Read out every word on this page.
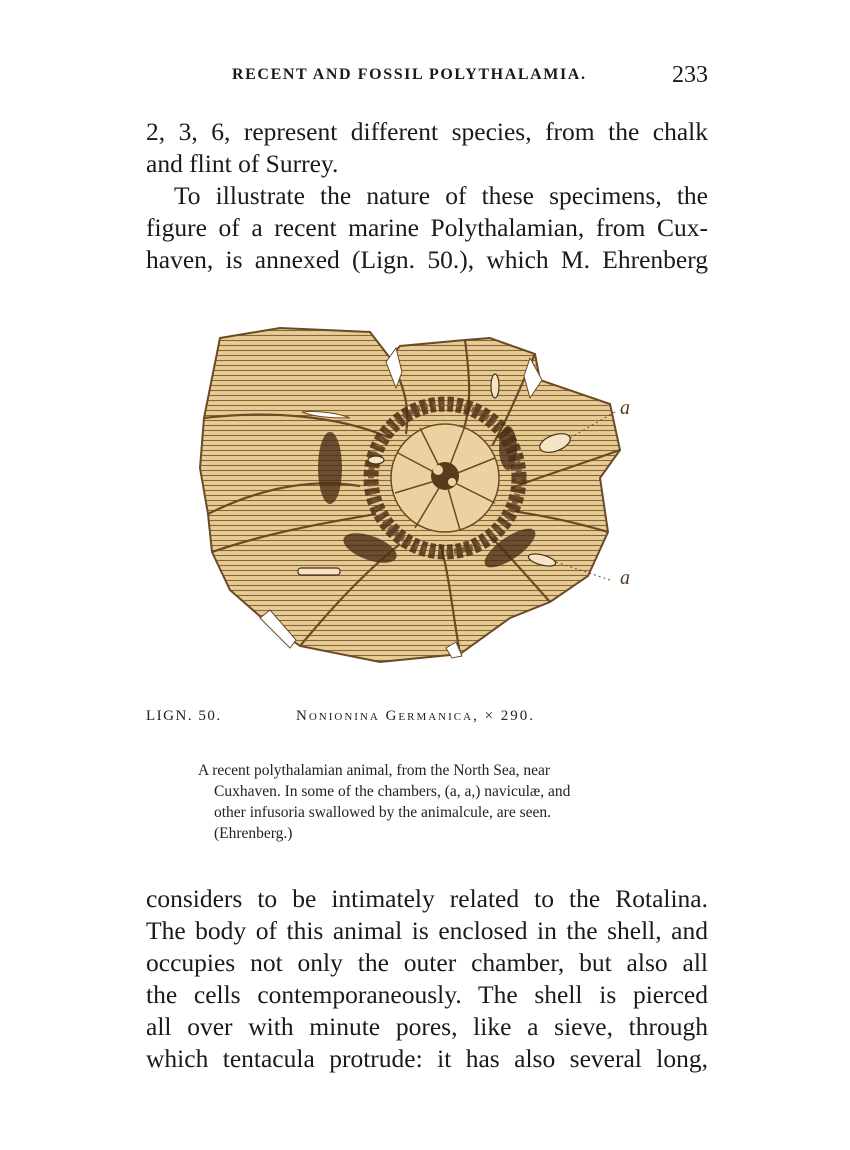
RECENT AND FOSSIL POLYTHALAMIA.	233
2, 3, 6, represent different species, from the chalk
and flint of Surrey.
To illustrate the nature of these specimens, the
figure of a recent marine Polythalamian, from Cux-
haven, is annexed (Lign. 50.), which M. Ehrenberg
a
a
LIGN. 50.	Nonionina Germanica, × 290.
A recent polythalamian animal, from the North Sea, near
Cuxhaven. In some of the chambers, (a, a,) naviculæ, and
other infusoria swallowed by the animalcule, are seen.
(Ehrenberg.)
considers to be intimately related to the Rotalina.
The body of this animal is enclosed in the shell, and
occupies not only the outer chamber, but also all
the cells contemporaneously. The shell is pierced
all over with minute pores, like a sieve, through
which tentacula protrude: it has also several long,
